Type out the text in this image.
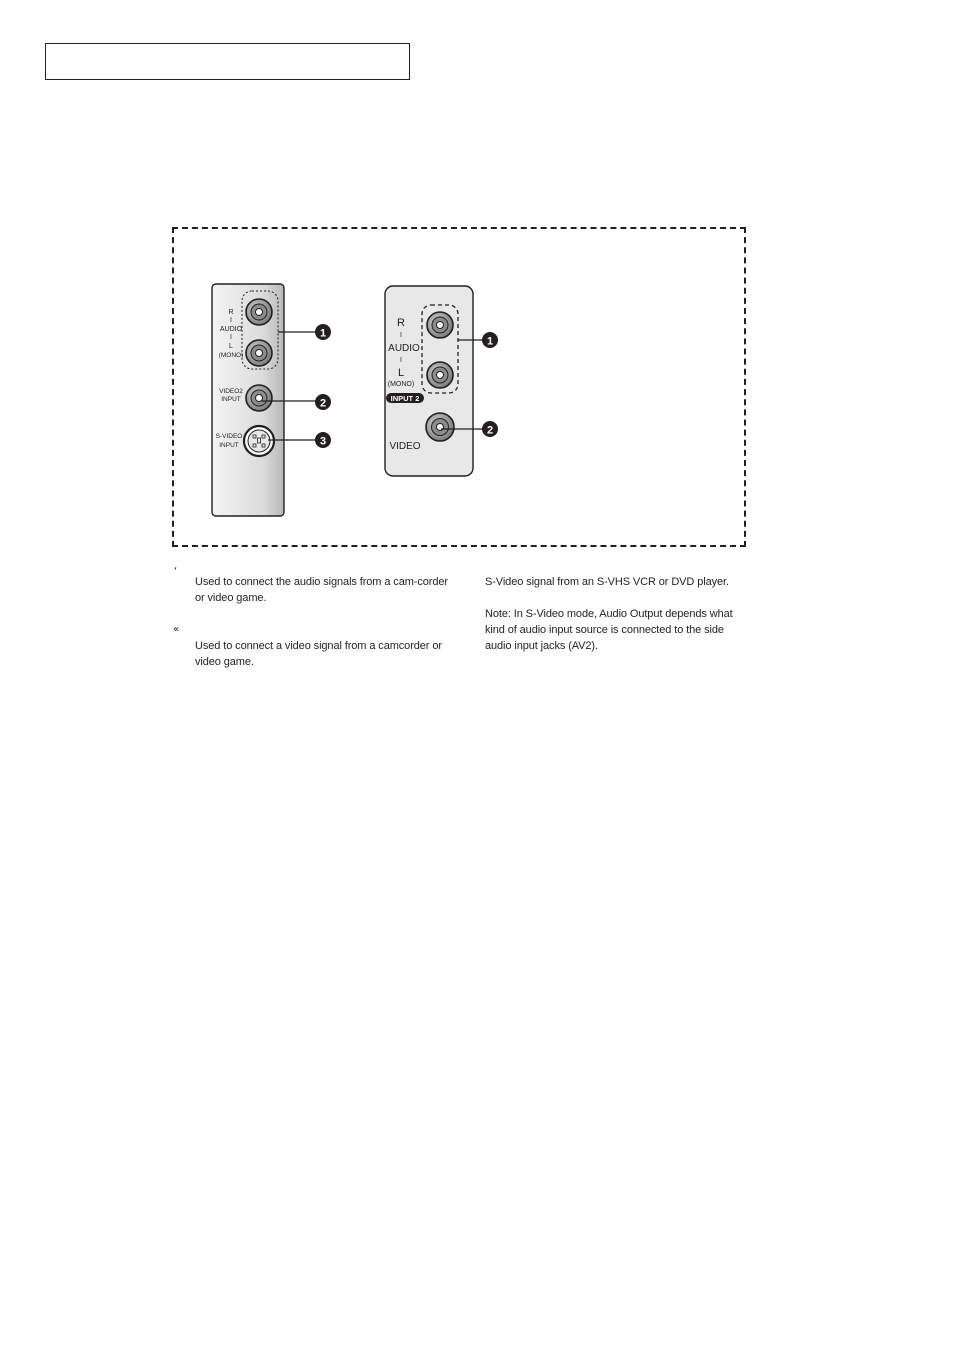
R
I
AUDIO
I
L
(MONO)
VIDEO2
INPUT
S-VIDEO
INPUT
1
2
3
R
I
AUDIO
I
L
(MONO)
INPUT 2
VIDEO
1
2
‘
Used to connect the audio signals from a cam-corder or video game.
«
Used to connect a video signal from a camcorder or video game.
S-Video signal from an S-VHS VCR or DVD player.
Note: In S-Video mode, Audio Output depends what kind of audio input source is connected to the side audio input jacks (AV2).
